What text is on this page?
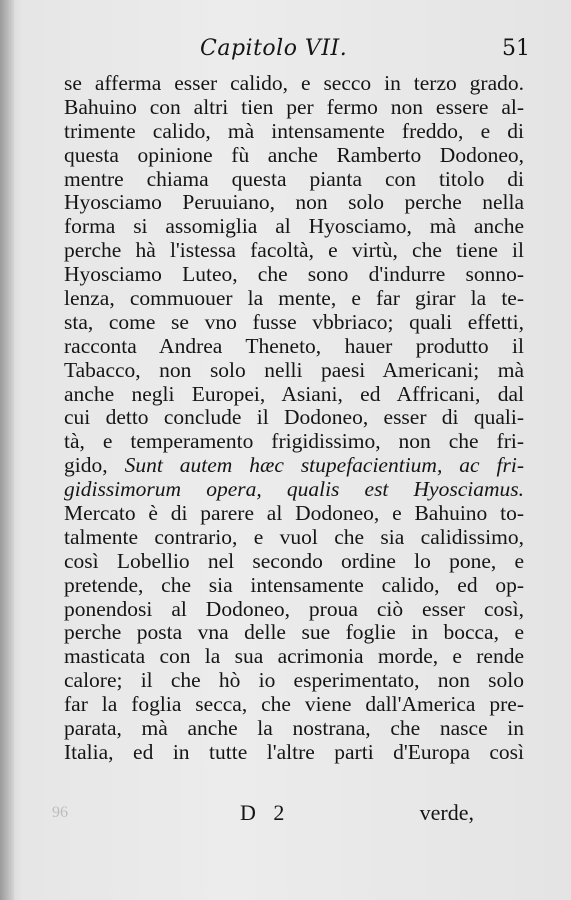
Capitolo VII.	51
se afferma esser calido, e secco in terzo grado.
Bahuino con altri tien per fermo non essere al-
trimente calido, mà intensamente freddo, e di
questa opinione fù anche Ramberto Dodoneo,
mentre chiama questa pianta con titolo di
Hyosciamo Peruuiano, non solo perche nella
forma si assomiglia al Hyosciamo, mà anche
perche hà l'istessa facoltà, e virtù, che tiene il
Hyosciamo Luteo, che sono d'indurre sonno-
lenza, commuouer la mente, e far girar la te-
sta, come se vno fusse vbbriaco; quali effetti,
racconta Andrea Theneto, hauer produtto il
Tabacco, non solo nelli paesi Americani; mà
anche negli Europei, Asiani, ed Affricani, dal
cui detto conclude il Dodoneo, esser di quali-
tà, e temperamento frigidissimo, non che fri-
gido, Sunt autem hæc stupefacientium, ac fri-
gidissimorum opera, qualis est Hyosciamus.
Mercato è di parere al Dodoneo, e Bahuino to-
talmente contrario, e vuol che sia calidissimo,
così Lobellio nel secondo ordine lo pone, e
pretende, che sia intensamente calido, ed op-
ponendosi al Dodoneo, proua ciò esser così,
perche posta vna delle sue foglie in bocca, e
masticata con la sua acrimonia morde, e rende
calore; il che hò io esperimentato, non solo
far la foglia secca, che viene dall'America pre-
parata, mà anche la nostrana, che nasce in
Italia, ed in tutte l'altre parti d'Europa così
96	D 2	verde,
